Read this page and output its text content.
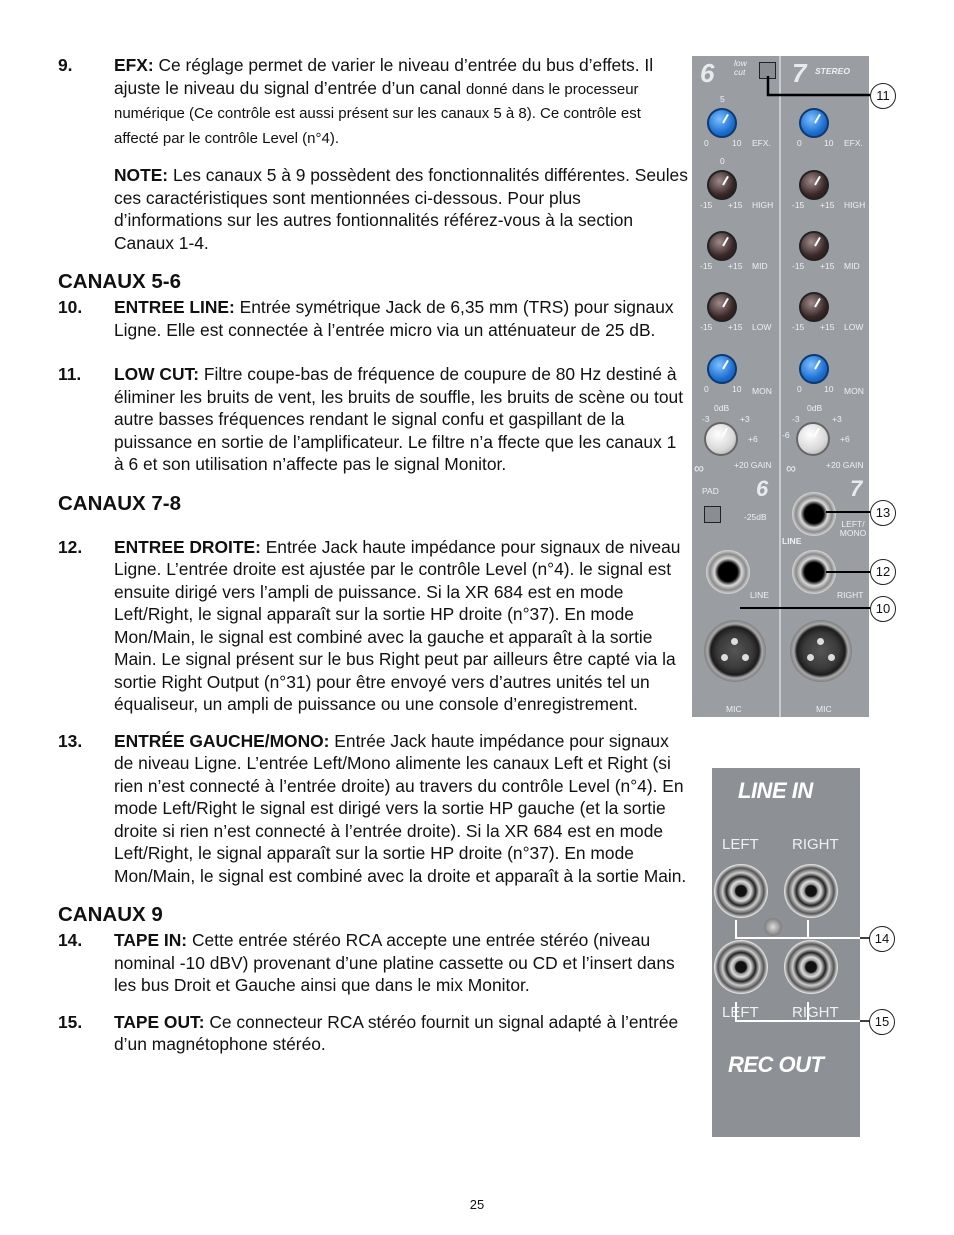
9.	EFX: Ce réglage permet de varier le niveau d’entrée du bus d’effets. Il ajuste le niveau du signal d’entrée d’un canal donné dans le processeur numérique (Ce contrôle est aussi présent sur les canaux 5 à 8). Ce contrôle est affecté par le contrôle Level (n°4).
NOTE: Les canaux 5 à 9 possèdent des fonctionnalités différentes. Seules ces caractéristiques sont mentionnées ci-dessous. Pour plus d’informations sur les autres fontionnalités référez-vous à la section Canaux 1-4.
CANAUX 5-6
10.	ENTREE LINE: Entrée symétrique Jack de 6,35 mm (TRS) pour signaux Ligne. Elle est connectée à l’entrée micro via un atténuateur de 25 dB.
11.	LOW CUT: Filtre coupe-bas de fréquence de coupure de 80 Hz destiné à éliminer les bruits de vent, les bruits de souffle, les bruits de scène ou tout autre basses fréquences rendant le signal confu et gaspillant de la puissance en sortie de l’amplificateur. Le filtre n’a ffecte que les canaux 1 à 6 et son utilisation n’affecte pas le signal Monitor.
CANAUX 7-8
12.	ENTREE DROITE: Entrée Jack haute impédance pour signaux de niveau Ligne. L’entrée droite est ajustée par le contrôle Level (n°4). le signal est ensuite dirigé vers l’ampli de puissance. Si la XR 684 est en mode Left/Right, le signal apparaît sur la sortie HP droite (n°37). En mode Mon/Main, le signal est combiné avec la gauche et apparaît à la sortie Main. Le signal présent sur le bus Right peut par ailleurs être capté via la sortie Right Output (n°31) pour être envoyé vers d’autres unités tel un équaliseur, un ampli de puissance ou une console d’enregistrement.
13.	ENTRÉE GAUCHE/MONO: Entrée Jack haute impédance pour signaux de niveau Ligne. L’entrée Left/Mono alimente les canaux Left et Right (si rien n’est connecté à l’entrée droite) au travers du contrôle Level (n°4). En mode Left/Right le signal est dirigé vers la sortie HP gauche (et la sortie droite si rien n’est connecté à l’entrée droite). Si la XR 684 est en mode Left/Right, le signal apparaît sur la sortie HP droite (n°37). En mode Mon/Main, le signal est combiné avec la droite et apparaît à la sortie Main.
CANAUX 9
14.	TAPE IN: Cette entrée stéréo RCA accepte une entrée stéréo (niveau nominal -10 dBV) provenant d’une platine cassette ou CD et l’insert dans les bus Droit et Gauche ainsi que dans le mix Monitor.
15.	TAPE OUT: Ce connecteur RCA stéréo fournit un signal adapté à l’entrée d’un magnétophone stéréo.
6 low cut	7 STEREO
5
0	10 EFX.	0	10 EFX.
0
-15 +15 HIGH -15 +15 HIGH
-15 +15 MID	-15 +15 MID
-15 +15 LOW -15 +15 LOW
0	10 MON	0	10 MON
0dB
-3	+3
+6
∞	+20 GAIN
0dB
-3
-6
+3
+6
∞	+20 GAIN
PAD 6	7
-25dB
LEFT/ MONO
LINE
LINE	RIGHT
MIC	MIC
LINE IN
LEFT RIGHT
LEFT RIGHT
REC OUT
11
13
12
10
14
15
25
